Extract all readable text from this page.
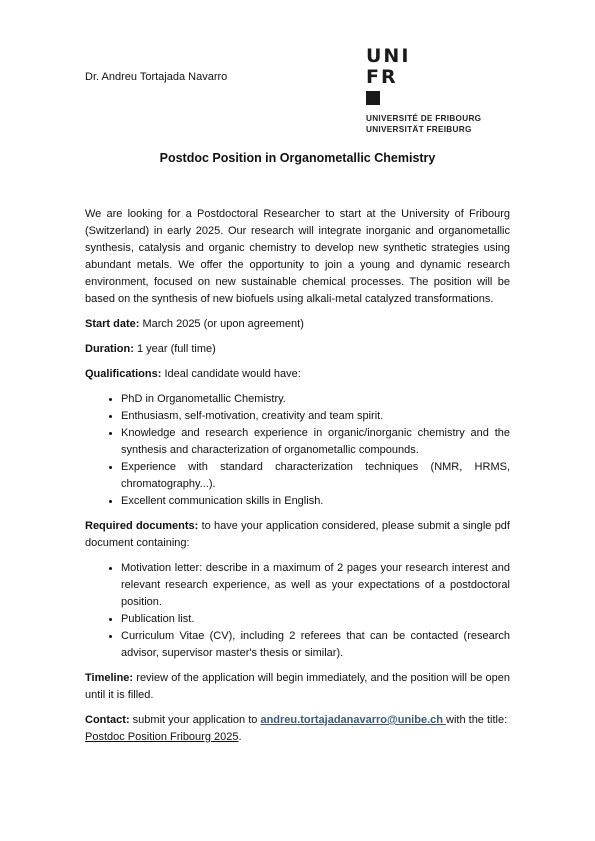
Dr. Andreu Tortajada Navarro
UNI
FR
UNIVERSITÉ DE FRIBOURG
UNIVERSITÄT FREIBURG
Postdoc Position in Organometallic Chemistry

We are looking for a Postdoctoral Researcher to start at the University of Fribourg (Switzerland) in early 2025. Our research will integrate inorganic and organometallic synthesis, catalysis and organic chemistry to develop new synthetic strategies using abundant metals. We offer the opportunity to join a young and dynamic research environment, focused on new sustainable chemical processes. The position will be based on the synthesis of new biofuels using alkali-metal catalyzed transformations.

Start date: March 2025 (or upon agreement)

Duration: 1 year (full time)

Qualifications: Ideal candidate would have:

• PhD in Organometallic Chemistry.
• Enthusiasm, self-motivation, creativity and team spirit.
• Knowledge and research experience in organic/inorganic chemistry and the synthesis and characterization of organometallic compounds.
• Experience with standard characterization techniques (NMR, HRMS, chromatography...).
• Excellent communication skills in English.

Required documents: to have your application considered, please submit a single pdf document containing:

• Motivation letter: describe in a maximum of 2 pages your research interest and relevant research experience, as well as your expectations of a postdoctoral position.
• Publication list.
• Curriculum Vitae (CV), including 2 referees that can be contacted (research advisor, supervisor master's thesis or similar).

Timeline: review of the application will begin immediately, and the position will be open until it is filled.

Contact: submit your application to andreu.tortajadanavarro@unibe.ch with the title: Postdoc Position Fribourg 2025.
